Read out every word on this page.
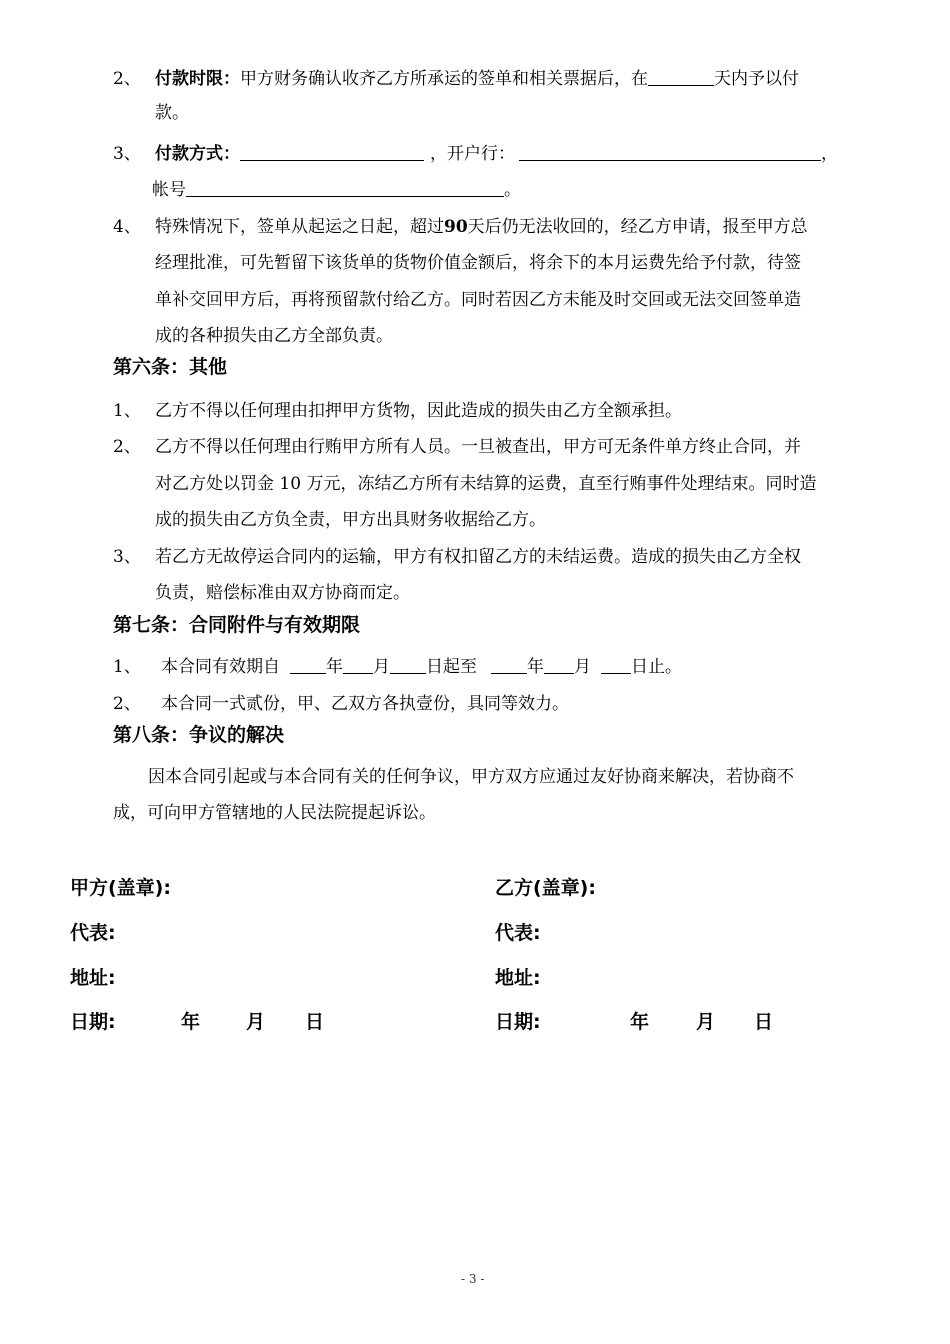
2、 付款时限：甲方财务确认收齐乙方所承运的签单和相关票据后，在	天内予以付
款。
3、 付款方式：	，开户行：	，
帐号	。
4、 特殊情况下，签单从起运之日起，超过90天后仍无法收回的，经乙方申请，报至甲方总
经理批准，可先暂留下该货单的货物价值金额后，将余下的本月运费先给予付款，待签
单补交回甲方后，再将预留款付给乙方。同时若因乙方未能及时交回或无法交回签单造
成的各种损失由乙方全部负责。
第六条：其他
1、 乙方不得以任何理由扣押甲方货物，因此造成的损失由乙方全额承担。
2、 乙方不得以任何理由行贿甲方所有人员。一旦被查出，甲方可无条件单方终止合同，并
对乙方处以罚金 10 万元，冻结乙方所有未结算的运费，直至行贿事件处理结束。同时造
成的损失由乙方负全责，甲方出具财务收据给乙方。
3、 若乙方无故停运合同内的运输，甲方有权扣留乙方的未结运费。造成的损失由乙方全权
负责，赔偿标准由双方协商而定。
第七条：合同附件与有效期限
1、 本合同有效期自	年 月 日起至	年 月 日止。
2、 本合同一式贰份，甲、乙双方各执壹份，具同等效力。
第八条：争议的解决
因本合同引起或与本合同有关的任何争议，甲方双方应通过友好协商来解决，若协商不
成，可向甲方管辖地的人民法院提起诉讼。
甲方(盖章):	乙方(盖章):
代表:	代表:
地址:	地址:
日期:	年 月 日	日期:	年 月 日
- 3 -
